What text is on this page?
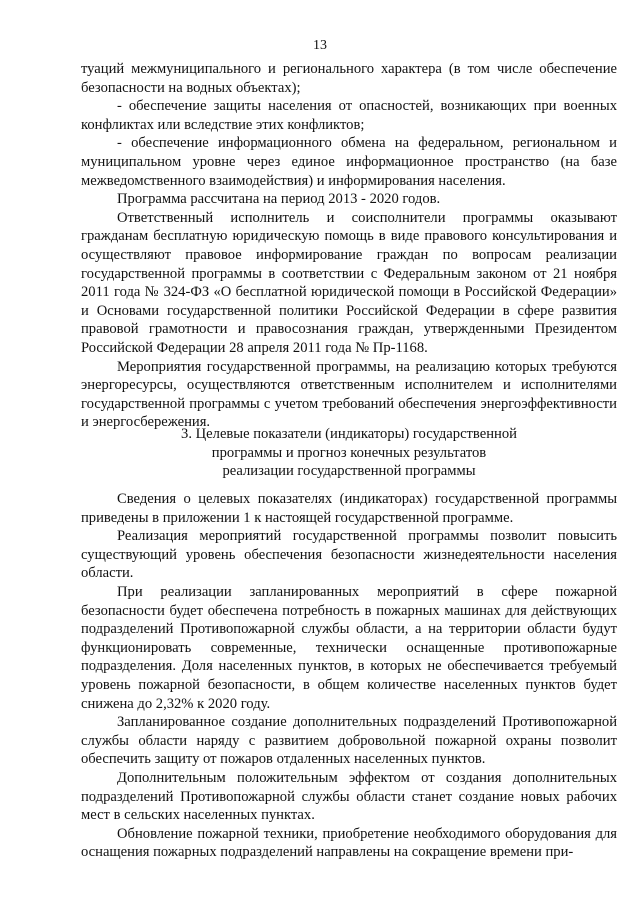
13

туаций межмуниципального и регионального характера (в том числе обеспечение безопасности на водных объектах);

- обеспечение защиты населения от опасностей, возникающих при военных конфликтах или вследствие этих конфликтов;

- обеспечение информационного обмена на федеральном, региональном и муниципальном уровне через единое информационное пространство (на базе межведомственного взаимодействия) и информирования населения.

Программа рассчитана на период 2013 - 2020 годов.

Ответственный исполнитель и соисполнители программы оказывают гражданам бесплатную юридическую помощь в виде правового консультирования и осуществляют правовое информирование граждан по вопросам реализации государственной программы в соответствии с Федеральным законом от 21 ноября 2011 года № 324-ФЗ «О бесплатной юридической помощи в Российской Федерации» и Основами государственной политики Российской Федерации в сфере развития правовой грамотности и правосознания граждан, утвержденными Президентом Российской Федерации 28 апреля 2011 года № Пр-1168.

Мероприятия государственной программы, на реализацию которых требуются энергоресурсы, осуществляются ответственным исполнителем и исполнителями государственной программы с учетом требований обеспечения энергоэффективности и энергосбережения.

3. Целевые показатели (индикаторы) государственной
программы и прогноз конечных результатов
реализации государственной программы

Сведения о целевых показателях (индикаторах) государственной программы приведены в приложении 1 к настоящей государственной программе.

Реализация мероприятий государственной программы позволит повысить существующий уровень обеспечения безопасности жизнедеятельности населения области.

При реализации запланированных мероприятий в сфере пожарной безопасности будет обеспечена потребность в пожарных машинах для действующих подразделений Противопожарной службы области, а на территории области будут функционировать современные, технически оснащенные противопожарные подразделения. Доля населенных пунктов, в которых не обеспечивается требуемый уровень пожарной безопасности, в общем количестве населенных пунктов будет снижена до 2,32% к 2020 году.

Запланированное создание дополнительных подразделений Противопожарной службы области наряду с развитием добровольной пожарной охраны позволит обеспечить защиту от пожаров отдаленных населенных пунктов.

Дополнительным положительным эффектом от создания дополнительных подразделений Противопожарной службы области станет создание новых рабочих мест в сельских населенных пунктах.

Обновление пожарной техники, приобретение необходимого оборудования для оснащения пожарных подразделений направлены на сокращение времени при-
